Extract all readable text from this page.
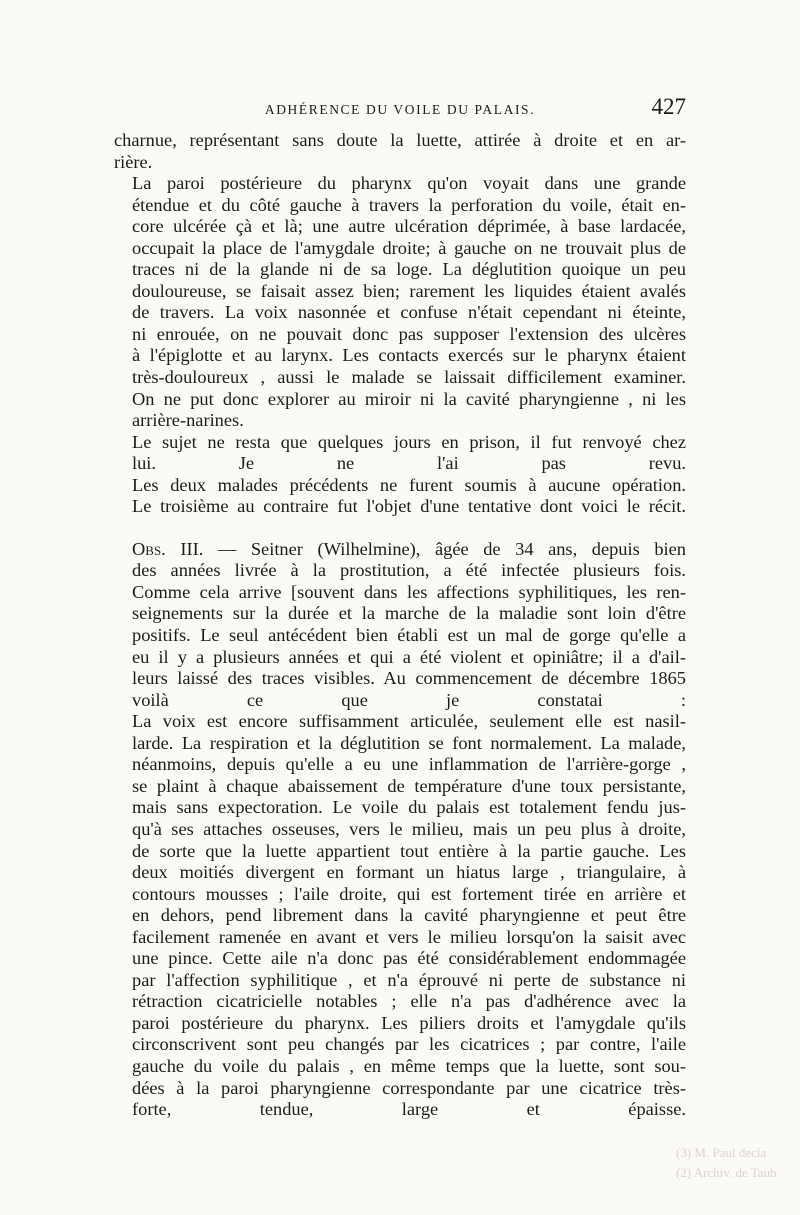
ADHÉRENCE DU VOILE DU PALAIS.	427

charnue, représentant sans doute la luette, attirée à droite et en ar-
rière.

La paroi postérieure du pharynx qu'on voyait dans une grande
étendue et du côté gauche à travers la perforation du voile, était en-
core ulcérée çà et là; une autre ulcération déprimée, à base lardacée,
occupait la place de l'amygdale droite; à gauche on ne trouvait plus de
traces ni de la glande ni de sa loge. La déglutition quoique un peu
douloureuse, se faisait assez bien; rarement les liquides étaient avalés
de travers. La voix nasonnée et confuse n'était cependant ni éteinte,
ni enrouée, on ne pouvait donc pas supposer l'extension des ulcères
à l'épiglotte et au larynx. Les contacts exercés sur le pharynx étaient
très-douloureux , aussi le malade se laissait difficilement examiner.
On ne put donc explorer au miroir ni la cavité pharyngienne , ni les
arrière-narines.

Le sujet ne resta que quelques jours en prison, il fut renvoyé chez
lui. Je ne l'ai pas revu.

Les deux malades précédents ne furent soumis à aucune opération.
Le troisième au contraire fut l'objet d'une tentative dont voici le récit.

Obs. III. — Seitner (Wilhelmine), âgée de 34 ans, depuis bien
des années livrée à la prostitution, a été infectée plusieurs fois.
Comme cela arrive [souvent dans les affections syphilitiques, les ren-
seignements sur la durée et la marche de la maladie sont loin d'être
positifs. Le seul antécédent bien établi est un mal de gorge qu'elle a
eu il y a plusieurs années et qui a été violent et opiniâtre; il a d'ail-
leurs laissé des traces visibles. Au commencement de décembre 1865
voilà ce que je constatai :

La voix est encore suffisamment articulée, seulement elle est nasil-
larde. La respiration et la déglutition se font normalement. La malade,
néanmoins, depuis qu'elle a eu une inflammation de l'arrière-gorge ,
se plaint à chaque abaissement de température d'une toux persistante,
mais sans expectoration. Le voile du palais est totalement fendu jus-
qu'à ses attaches osseuses, vers le milieu, mais un peu plus à droite,
de sorte que la luette appartient tout entière à la partie gauche. Les
deux moitiés divergent en formant un hiatus large , triangulaire, à
contours mousses ; l'aile droite, qui est fortement tirée en arrière et
en dehors, pend librement dans la cavité pharyngienne et peut être
facilement ramenée en avant et vers le milieu lorsqu'on la saisit avec
une pince. Cette aile n'a donc pas été considérablement endommagée
par l'affection syphilitique , et n'a éprouvé ni perte de substance ni
rétraction cicatricielle notables ; elle n'a pas d'adhérence avec la
paroi postérieure du pharynx. Les piliers droits et l'amygdale qu'ils
circonscrivent sont peu changés par les cicatrices ; par contre, l'aile
gauche du voile du palais , en même temps que la luette, sont sou-
dées à la paroi pharyngienne correspondante par une cicatrice très-
forte, tendue, large et épaisse.

(3) M. Paul decla
(2) Archiv. de Taub
